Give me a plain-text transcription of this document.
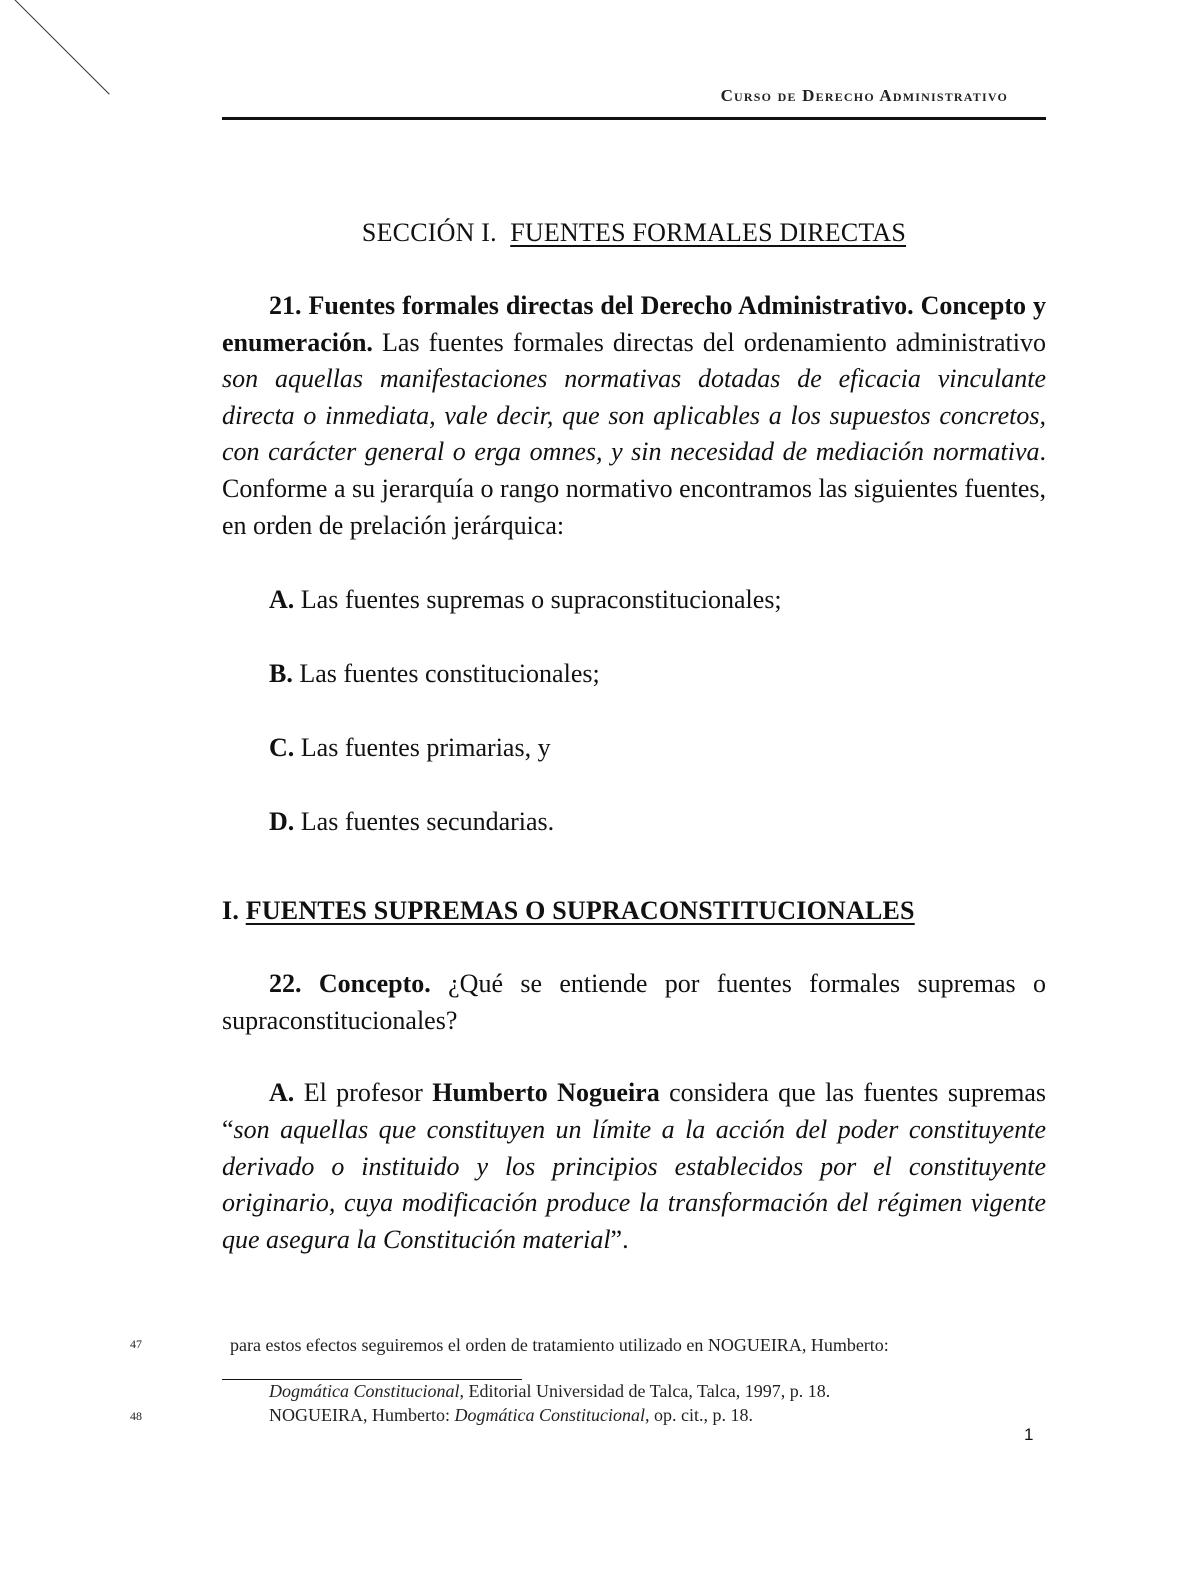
Curso de Derecho Administrativo

SECCIÓN I. FUENTES FORMALES DIRECTAS

21. Fuentes formales directas del Derecho Administrativo. Concepto y enumeración. Las fuentes formales directas del ordenamiento administrativo son aquellas manifestaciones normativas dotadas de eficacia vinculante directa o inmediata, vale decir, que son aplicables a los supuestos concretos, con carácter general o erga omnes, y sin necesidad de mediación normativa. Conforme a su jerarquía o rango normativo encontramos las siguientes fuentes, en orden de prelación jerárquica:

A. Las fuentes supremas o supraconstitucionales;

B. Las fuentes constitucionales;

C. Las fuentes primarias, y

D. Las fuentes secundarias.

I. FUENTES SUPREMAS O SUPRACONSTITUCIONALES

22. Concepto. ¿Qué se entiende por fuentes formales supremas o supraconstitucionales?

A. El profesor Humberto Nogueira considera que las fuentes supremas “son aquellas que constituyen un límite a la acción del poder constituyente derivado o instituido y los principios establecidos por el constituyente originario, cuya modificación produce la transformación del régimen vigente que asegura la Constitución material”.

47	para estos efectos seguiremos el orden de tratamiento utilizado en NOGUEIRA, Humberto:
Dogmática Constitucional, Editorial Universidad de Talca, Talca, 1997, p. 18.
48	NOGUEIRA, Humberto: Dogmática Constitucional, op. cit., p. 18.
1
